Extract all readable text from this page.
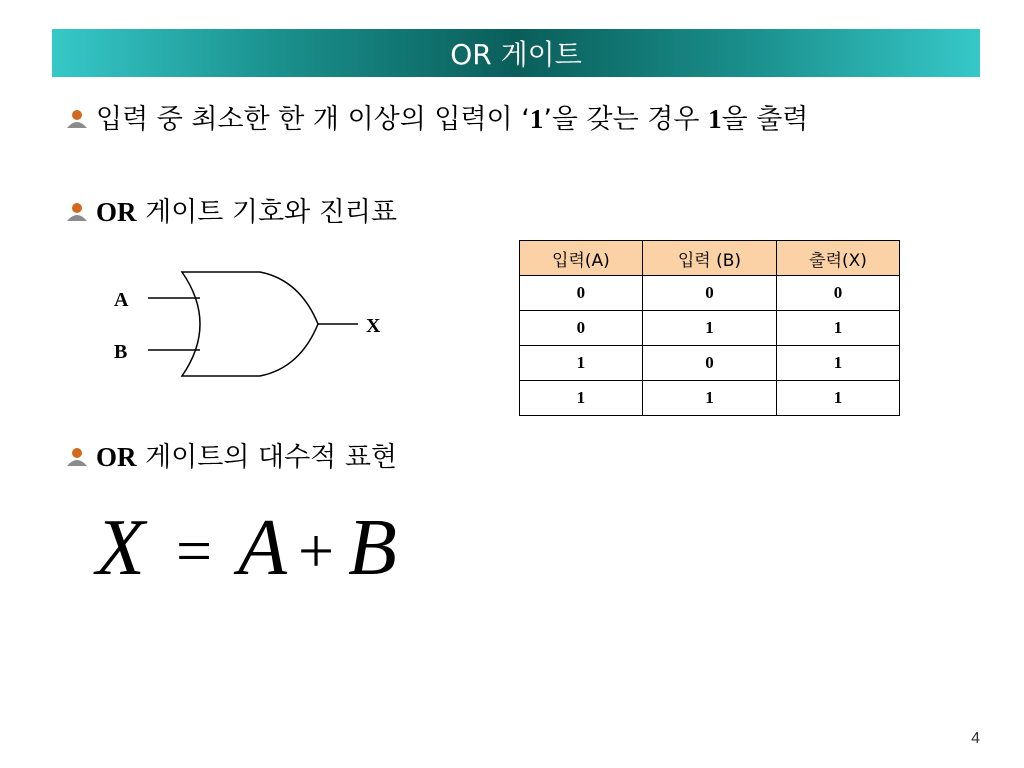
OR 게이트
입력 중 최소한 한 개 이상의 입력이 ‘1’을 갖는 경우 1을 출력
OR 게이트 기호와 진리표
A
B
X
입력(A)	입력 (B)	출력(X)
0	0	0
0	1	1
1	0	1
1	1	1
OR 게이트의 대수적 표현
X = A + B
4
